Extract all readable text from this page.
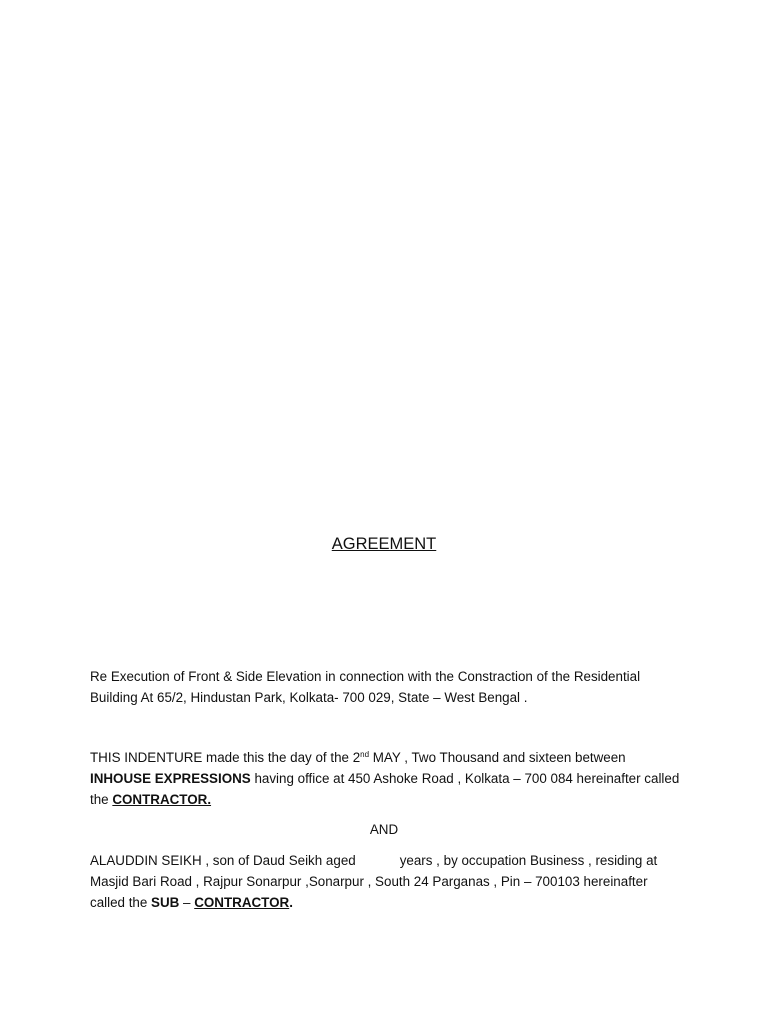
AGREEMENT

Re Execution of Front & Side Elevation in connection with the Constraction of the Residential
Building At 65/2, Hindustan Park, Kolkata- 700 029, State – West Bengal .

THIS INDENTURE made this the day of the 2nd MAY , Two Thousand and sixteen between
INHOUSE EXPRESSIONS having office at 450 Ashoke Road , Kolkata – 700 084 hereinafter called
the CONTRACTOR.

AND

ALAUDDIN SEIKH , son of Daud Seikh aged	years , by occupation Business , residing at
Masjid Bari Road , Rajpur Sonarpur ,Sonarpur , South 24 Parganas , Pin – 700103 hereinafter
called the SUB – CONTRACTOR.
